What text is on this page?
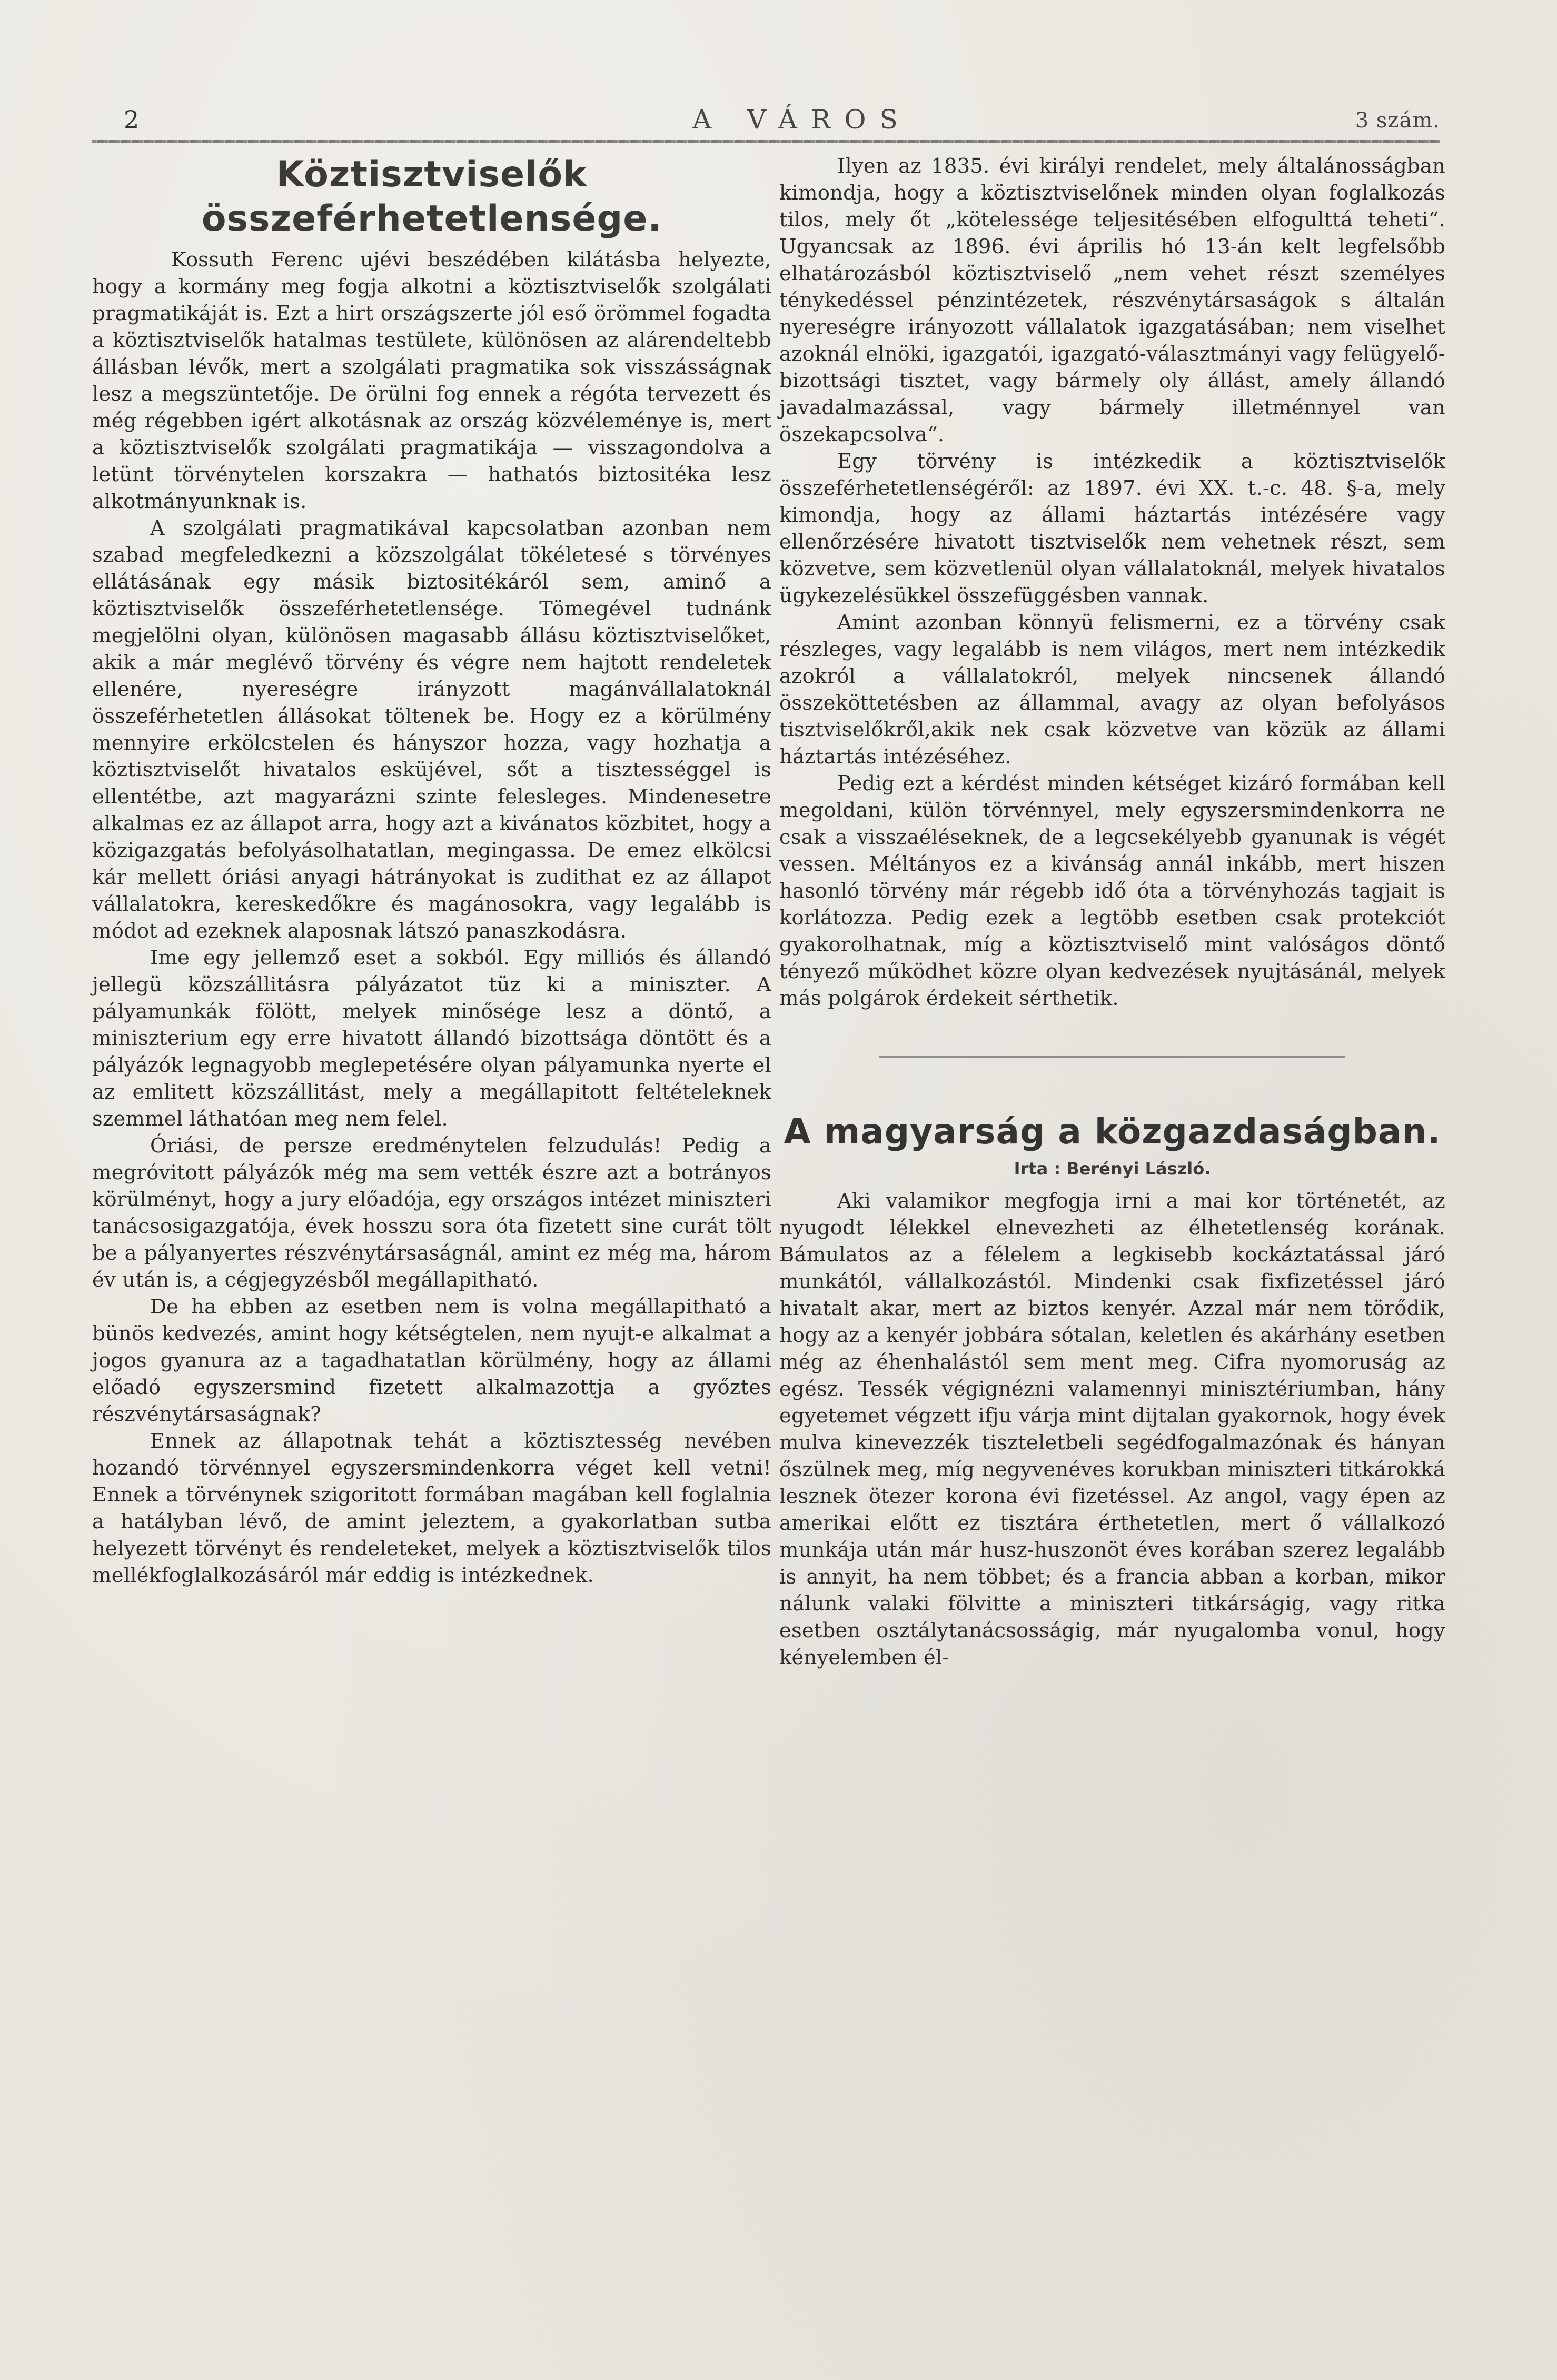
2	A VÁROS	3 szám.
Köztisztviselők összeférhetetlensége.

Kossuth Ferenc ujévi beszédében kilátásba helyezte, hogy a kormány meg fogja alkotni a köztisztviselők szolgálati pragmatikáját is. Ezt a hirt országszerte jól eső örömmel fogadta a köztisztviselők hatalmas testülete, különösen az alárendeltebb állásban lévők, mert a szolgálati pragmatika sok visszásságnak lesz a megszüntetője. De örülni fog ennek a régóta tervezett és még régebben igért alkotásnak az ország közvéleménye is, mert a köztisztviselők szolgálati pragmatikája — visszagondolva a letünt törvénytelen korszakra — hathatós biztositéka lesz alkotmányunknak is.

A szolgálati pragmatikával kapcsolatban azonban nem szabad megfeledkezni a közszolgálat tökéletesé s törvényes ellátásának egy másik biztositékáról sem, aminő a köztisztviselők összeférhetetlensége. Tömegével tudnánk megjelölni olyan, különösen magasabb állásu köztisztviselőket, akik a már meglévő törvény és végre nem hajtott rendeletek ellenére, nyereségre irányzott magánvállalatoknál összeférhetetlen állásokat töltenek be. Hogy ez a körülmény mennyire erkölcstelen és hányszor hozza, vagy hozhatja a köztisztviselőt hivatalos esküjével, sőt a tisztességgel is ellentétbe, azt magyarázni szinte felesleges. Mindenesetre alkalmas ez az állapot arra, hogy azt a kivánatos közbitet, hogy a közigazgatás befolyásolhatatlan, megingassa. De emez elkölcsi kár mellett óriási anyagi hátrányokat is zudithat ez az állapot vállalatokra, kereskedőkre és magánosokra, vagy legalább is módot ad ezeknek alaposnak látszó panaszkodásra.

Ime egy jellemző eset a sokból. Egy milliós és állandó jellegü közszállitásra pályázatot tüz ki a miniszter. A pályamunkák fölött, melyek minősége lesz a döntő, a miniszterium egy erre hivatott állandó bizottsága döntött és a pályázók legnagyobb meglepetésére olyan pályamunka nyerte el az emlitett közszállitást, mely a megállapitott feltételeknek szemmel láthatóan meg nem felel.

Óriási, de persze eredménytelen felzudulás! Pedig a megróvitott pályázók még ma sem vették észre azt a botrányos körülményt, hogy a jury előadója, egy országos intézet miniszteri tanácsosigazgatója, évek hosszu sora óta fizetett sine curát tölt be a pályanyertes részvénytársaságnál, amint ez még ma, három év után is, a cégjegyzésből megállapitható.

De ha ebben az esetben nem is volna megállapitható a bünös kedvezés, amint hogy kétségtelen, nem nyujt-e alkalmat a jogos gyanura az a tagadhatatlan körülmény, hogy az állami előadó egyszersmind fizetett alkalmazottja a győztes részvénytársaságnak?

Ennek az állapotnak tehát a köztisztesség nevében hozandó törvénnyel egyszersmindenkorra véget kell vetni! Ennek a törvénynek szigoritott formában magában kell foglalnia a hatályban lévő, de amint jeleztem, a gyakorlatban sutba helyezett törvényt és rendeleteket, melyek a köztisztviselők tilos mellékfoglalkozásáról már eddig is intézkednek.

Ilyen az 1835. évi királyi rendelet, mely általánosságban kimondja, hogy a köztisztviselőnek minden olyan foglalkozás tilos, mely őt „kötelessége teljesitésében elfogulttá teheti“. Ugyancsak az 1896. évi április hó 13-án kelt legfelsőbb elhatározásból köztisztviselő „nem vehet részt személyes ténykedéssel pénzintézetek, részvénytársaságok s általán nyereségre irányozott vállalatok igazgatásában; nem viselhet azoknál elnöki, igazgatói, igazgató-választmányi vagy felügyelő-bizottsági tisztet, vagy bármely oly állást, amely állandó javadalmazással, vagy bármely illetménnyel van öszekapcsolva“.

Egy törvény is intézkedik a köztisztviselők összeférhetetlenségéről: az 1897. évi XX. t.-c. 48. §-a, mely kimondja, hogy az állami háztartás intézésére vagy ellenőrzésére hivatott tisztviselők nem vehetnek részt, sem közvetve, sem közvetlenül olyan vállalatoknál, melyek hivatalos ügykezelésükkel összefüggésben vannak.

Amint azonban könnyü felismerni, ez a törvény csak részleges, vagy legalább is nem világos, mert nem intézkedik azokról a vállalatokról, melyek nincsenek állandó összeköttetésben az állammal, avagy az olyan befolyásos tisztviselőkről,akik nek csak közvetve van közük az állami háztartás intézéséhez.

Pedig ezt a kérdést minden kétséget kizáró formában kell megoldani, külön törvénnyel, mely egyszersmindenkorra ne csak a visszaéléseknek, de a legcsekélyebb gyanunak is végét vessen. Méltányos ez a kivánság annál inkább, mert hiszen hasonló törvény már régebb idő óta a törvényhozás tagjait is korlátozza. Pedig ezek a legtöbb esetben csak protekciót gyakorolhatnak, míg a köztisztviselő mint valóságos döntő tényező működhet közre olyan kedvezések nyujtásánál, melyek más polgárok érdekeit sérthetik.

A magyarság a közgazdaságban.
Irta : Berényi László.

Aki valamikor megfogja irni a mai kor történetét, az nyugodt lélekkel elnevezheti az élhetetlenség korának. Bámulatos az a félelem a legkisebb kockáztatással járó munkától, vállalkozástól. Mindenki csak fixfizetéssel járó hivatalt akar, mert az biztos kenyér. Azzal már nem törődik, hogy az a kenyér jobbára sótalan, keletlen és akárhány esetben még az éhenhalástól sem ment meg. Cifra nyomoruság az egész. Tessék végignézni valamennyi minisztériumban, hány egyetemet végzett ifju várja mint dijtalan gyakornok, hogy évek mulva kinevezzék tiszteletbeli segédfogalmazónak és hányan őszülnek meg, míg negyvenéves korukban miniszteri titkárokká lesznek ötezer korona évi fizetéssel. Az angol, vagy épen az amerikai előtt ez tisztára érthetetlen, mert ő vállalkozó munkája után már husz-huszonöt éves korában szerez legalább is annyit, ha nem többet; és a francia abban a korban, mikor nálunk valaki fölvitte a miniszteri titkárságig, vagy ritka esetben osztálytanácsosságig, már nyugalomba vonul, hogy kényelemben él-
